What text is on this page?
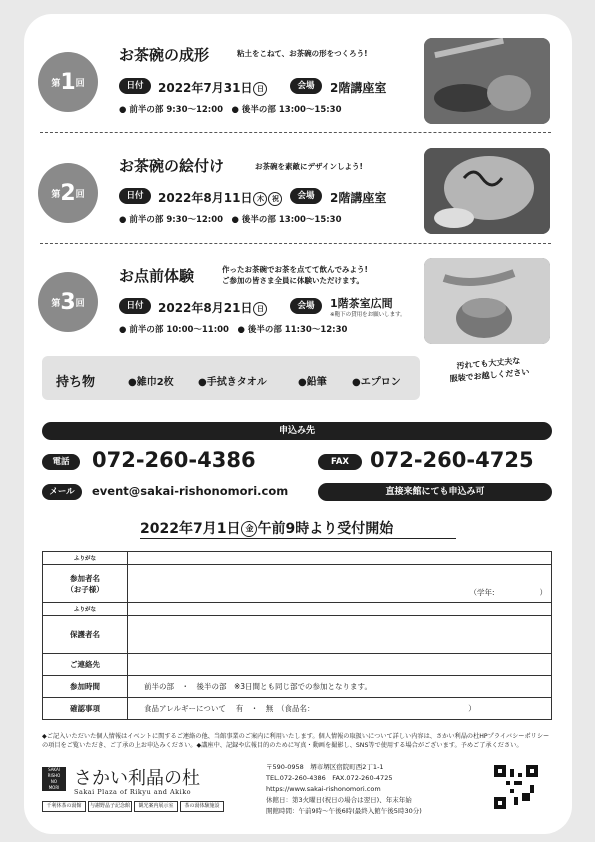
第 1 回
お茶碗の成形	粘土をこねて、お茶碗の形をつくろう!
日付	2022年7月31日 日	会場	2階講座室
● 前半の部 9:30～12:00　● 後半の部 13:00～15:30
第 2 回
お茶碗の絵付け	お茶碗を素敵にデザインしよう!
日付	2022年8月11日 木 祝	会場	2階講座室
● 前半の部 9:30～12:00　● 後半の部 13:00～15:30
第 3 回
お点前体験	作ったお茶碗でお茶を点てて飲んでみよう!
ご参加の皆さま全員に体験いただけます。
日付	2022年8月21日 日	会場	1階茶室広間
※鞄下の貸用をお願いします。
● 前半の部 10:00～11:00　● 後半の部 11:30～12:30
持ち物	●雑巾2枚 ●手拭きタオル	●鉛筆	●エプロン
汚れても大丈夫な
服装でお越しください
申込み先
電話	072-260-4386	FAX	072-260-4725
メール	event@sakai-rishonomori.com	直接来館にても申込み可
2022年7月1日 金 午前9時より受付開始
ふりがな	
参加者名
（お子様）	（学年:　　　　　　）
ふりがな	
保護者名	
ご連絡先	
参加時間	前半の部　・　後半の部　※3日間とも同じ部での参加となります。
確認事項	食品アレルギーについて　 有　・　無　（食品名：　　　　　　　　　　　　　　　　　　　　　）
◆ご記入いただいた個人情報はイベントに関するご連絡の他、当館事業のご案内に利用いたします。個人情報の取扱いについて詳しい内容は、さかい利晶の杜HPプライバシーポリシーの項目をご覧いただき、ご了承の上お申込みください。◆講座中、記録や広報目的のために写真・動画を撮影し、SNS等で使用する場合がございます。予めご了承ください。
SAKAI
RISHO
NO
MORI さかい利晶の杜
Sakai Plaza of Rikyu and Akiko
千利休茶の湯館	与謝野晶子記念館	観光案内展示室	茶の湯体験施設
〒590-0958　堺市堺区宿院町西2丁1-1
TEL.072-260-4386　FAX.072-260-4725
https://www.sakai-rishonomori.com
休館日：第3火曜日(祝日の場合は翌日)、年末年始
開館時間：午前9時～午後6時(最終入館午後5時30分)
